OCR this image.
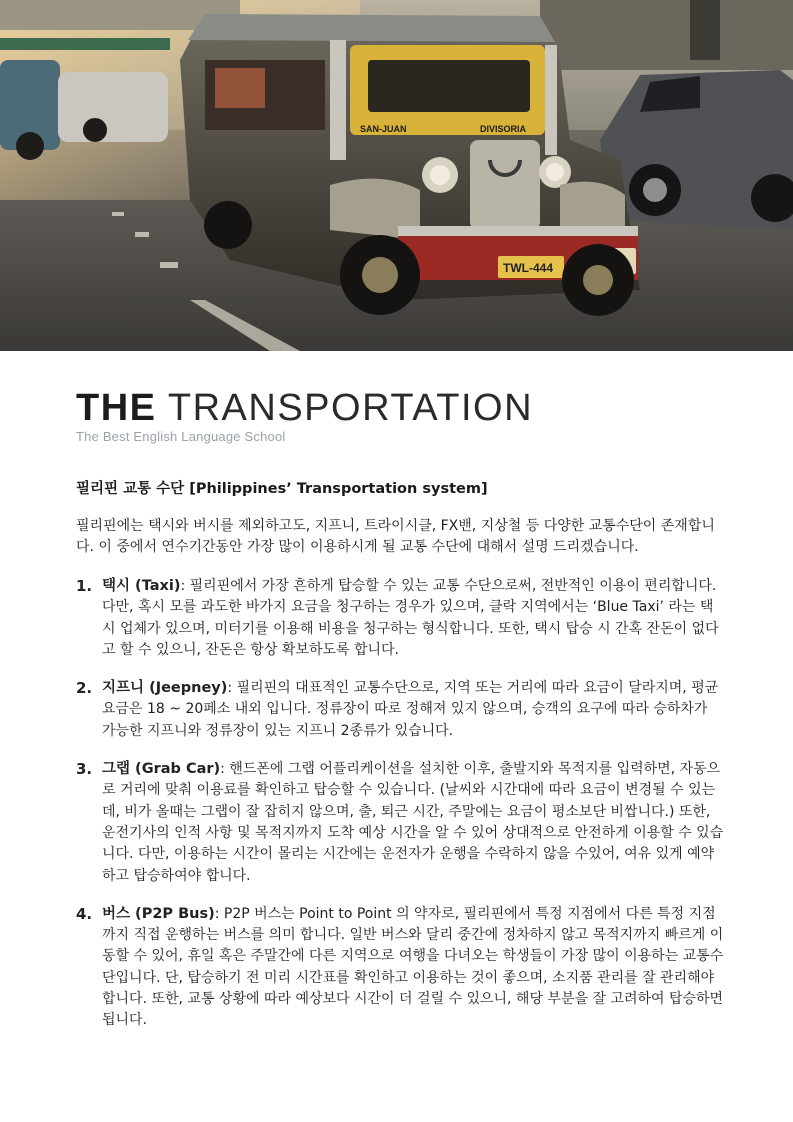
SAN-JUAN	DIVISORIA
TWL-444
THE TRANSPORTATION
The Best English Language School
필리핀 교통 수단 [Philippines’ Transportation system]

필리핀에는 택시와 버시를 제외하고도, 지프니, 트라이시클, FX밴, 지상철 등 다양한 교통수단이 존재합니다. 이 중에서 연수기간동안 가장 많이 이용하시게 될 교통 수단에 대해서 설명 드리겠습니다.

1. 택시 (Taxi): 필리핀에서 가장 흔하게 탑승할 수 있는 교통 수단으로써, 전반적인 이용이 편리합니다. 다만, 혹시 모를 과도한 바가지 요금을 청구하는 경우가 있으며, 클락 지역에서는 ‘Blue Taxi’ 라는 택시 업체가 있으며, 미터기를 이용해 비용을 청구하는 형식합니다. 또한, 택시 탑승 시 간혹 잔돈이 없다고 할 수 있으니, 잔돈은 항상 확보하도록 합니다.
2. 지프니 (Jeepney): 필리핀의 대표적인 교통수단으로, 지역 또는 거리에 따라 요금이 달라지며, 평균 요금은 18 ~ 20페소 내외 입니다. 정류장이 따로 정해져 있지 않으며, 승객의 요구에 따라 승하차가 가능한 지프니와 정류장이 있는 지프니 2종류가 있습니다.
3. 그랩 (Grab Car): 핸드폰에 그랩 어플리케이션을 설치한 이후, 출발지와 목적지를 입력하면, 자동으로 거리에 맞춰 이용료를 확인하고 탑승할 수 있습니다. (날씨와 시간대에 따라 요금이 변경될 수 있는데, 비가 올때는 그랩이 잘 잡히지 않으며, 출, 퇴근 시간, 주말에는 요금이 평소보단 비쌉니다.) 또한, 운전기사의 인적 사항 및 목적지까지 도착 예상 시간을 알 수 있어 상대적으로 안전하게 이용할 수 있습니다. 다만, 이용하는 시간이 몰리는 시간에는 운전자가 운행을 수락하지 않을 수있어, 여유 있게 예약하고 탑승하여야 합니다.
4. 버스 (P2P Bus): P2P 버스는 Point to Point 의 약자로, 필리핀에서 특정 지점에서 다른 특정 지점까지 직접 운행하는 버스를 의미 합니다. 일반 버스와 달리 중간에 정차하지 않고 목적지까지 빠르게 이동할 수 있어, 휴일 혹은 주말간에 다른 지역으로 여행을 다녀오는 학생들이 가장 많이 이용하는 교통수단입니다. 단, 탑승하기 전 미리 시간표를 확인하고 이용하는 것이 좋으며, 소지품 관리를 잘 관리해야 합니다. 또한, 교통 상황에 따라 예상보다 시간이 더 걸릴 수 있으니, 해당 부분을 잘 고려하여 탑승하면 됩니다.
